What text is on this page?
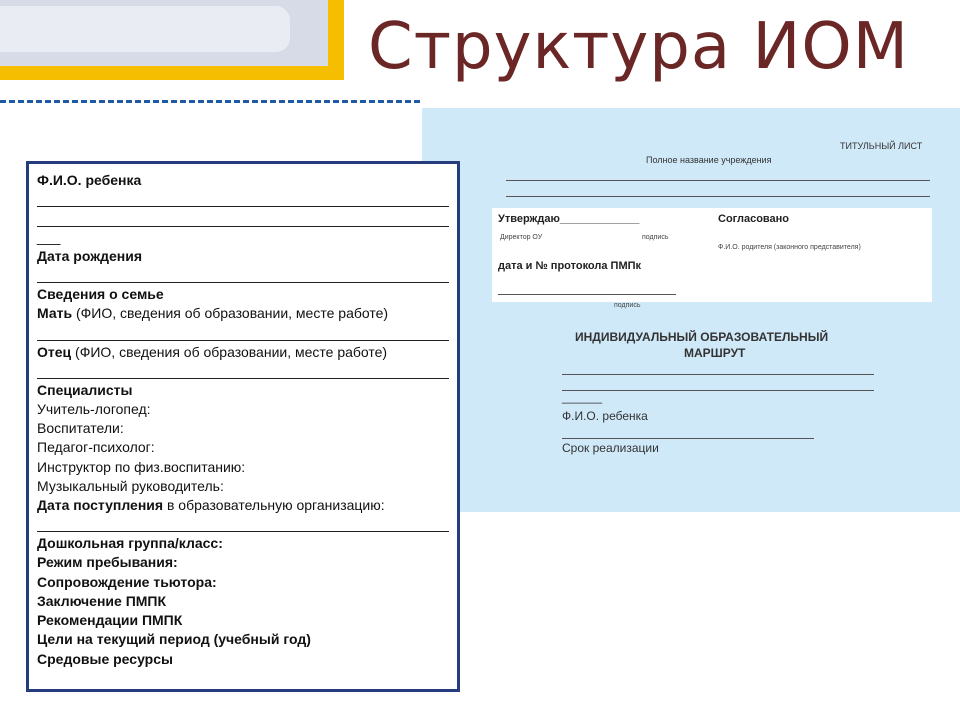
Структура ИОМ
ТИТУЛЬНЫЙ ЛИСТ
Полное название учреждения
Утверждаю_____________
Директор ОУ	подпись
Согласовано
Ф.И.О. родителя (законного представителя)
дата и № протокола ПМПк
подпись
ИНДИВИДУАЛЬНЫЙ ОБРАЗОВАТЕЛЬНЫЙ
МАРШРУТ
______
Ф.И.О. ребенка
Срок реализации
Ф.И.О. ребенка
___
Дата рождения
Сведения о семье
Мать (ФИО, сведения об образовании, месте работе)
Отец (ФИО, сведения об образовании, месте работе)
Специалисты
Учитель-логопед:
Воспитатели:
Педагог-психолог:
Инструктор по физ.воспитанию:
Музыкальный руководитель:
Дата поступления в образовательную организацию:
Дошкольная группа/класс:
Режим пребывания:
Сопровождение тьютора:
Заключение ПМПК
Рекомендации ПМПК
Цели на текущий период (учебный год)
Средовые ресурсы
